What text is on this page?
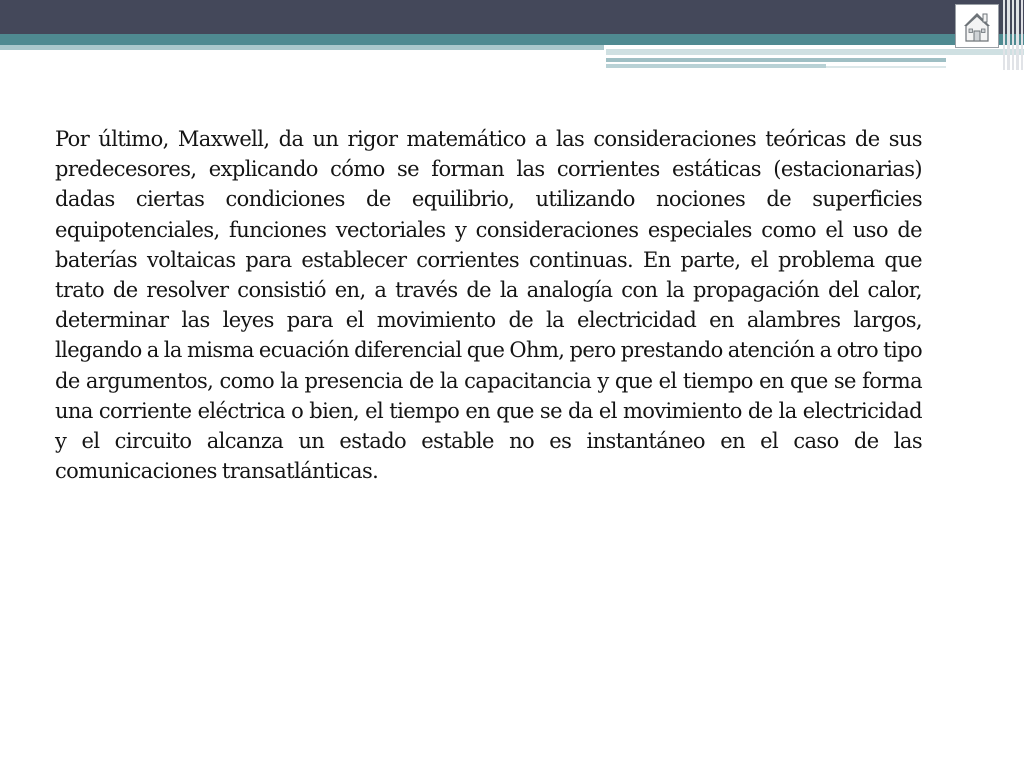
Por último, Maxwell, da un rigor matemático a las consideraciones teóricas de sus predecesores, explicando cómo se forman las corrientes estáticas (estacionarias) dadas ciertas condiciones de equilibrio, utilizando nociones de superficies equipotenciales, funciones vectoriales y consideraciones especiales como el uso de baterías voltaicas para establecer corrientes continuas. En parte, el problema que trato de resolver consistió en, a través de la analogía con la propagación del calor, determinar las leyes para el movimiento de la electricidad en alambres largos, llegando a la misma ecuación diferencial que Ohm, pero prestando atención a otro tipo de argumentos, como la presencia de la capacitancia y que el tiempo en que se forma una corriente eléctrica o bien, el tiempo en que se da el movimiento de la electricidad y el circuito alcanza un estado estable no es instantáneo en el caso de las comunicaciones transatlánticas.
